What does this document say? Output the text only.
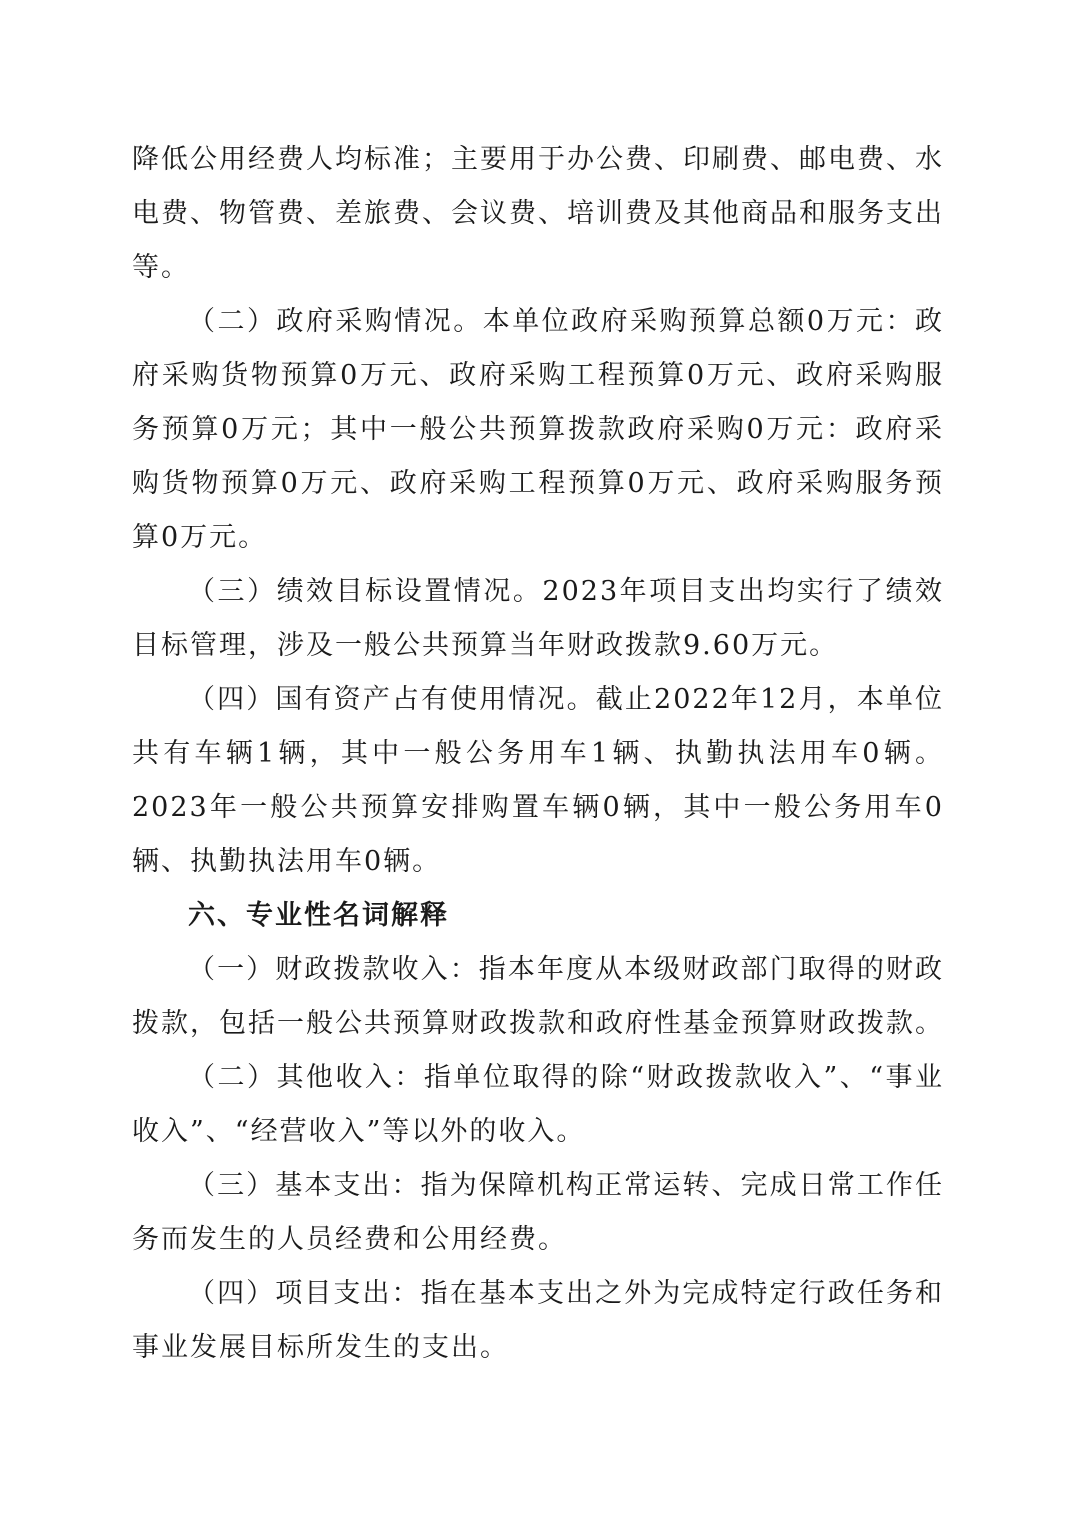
降低公用经费人均标准；主要用于办公费、印刷费、邮电费、水电费、物管费、差旅费、会议费、培训费及其他商品和服务支出等。

（二）政府采购情况。本单位政府采购预算总额0万元：政府采购货物预算0万元、政府采购工程预算0万元、政府采购服务预算0万元；其中一般公共预算拨款政府采购0万元：政府采购货物预算0万元、政府采购工程预算0万元、政府采购服务预算0万元。

（三）绩效目标设置情况。2023年项目支出均实行了绩效目标管理，涉及一般公共预算当年财政拨款9.60万元。

（四）国有资产占有使用情况。截止2022年12月，本单位共有车辆1辆，其中一般公务用车1辆、执勤执法用车0辆。2023年一般公共预算安排购置车辆0辆，其中一般公务用车0辆、执勤执法用车0辆。

六、专业性名词解释

（一）财政拨款收入：指本年度从本级财政部门取得的财政拨款，包括一般公共预算财政拨款和政府性基金预算财政拨款。

（二）其他收入：指单位取得的除“财政拨款收入”、“事业收入”、“经营收入”等以外的收入。

（三）基本支出：指为保障机构正常运转、完成日常工作任务而发生的人员经费和公用经费。

（四）项目支出：指在基本支出之外为完成特定行政任务和事业发展目标所发生的支出。
